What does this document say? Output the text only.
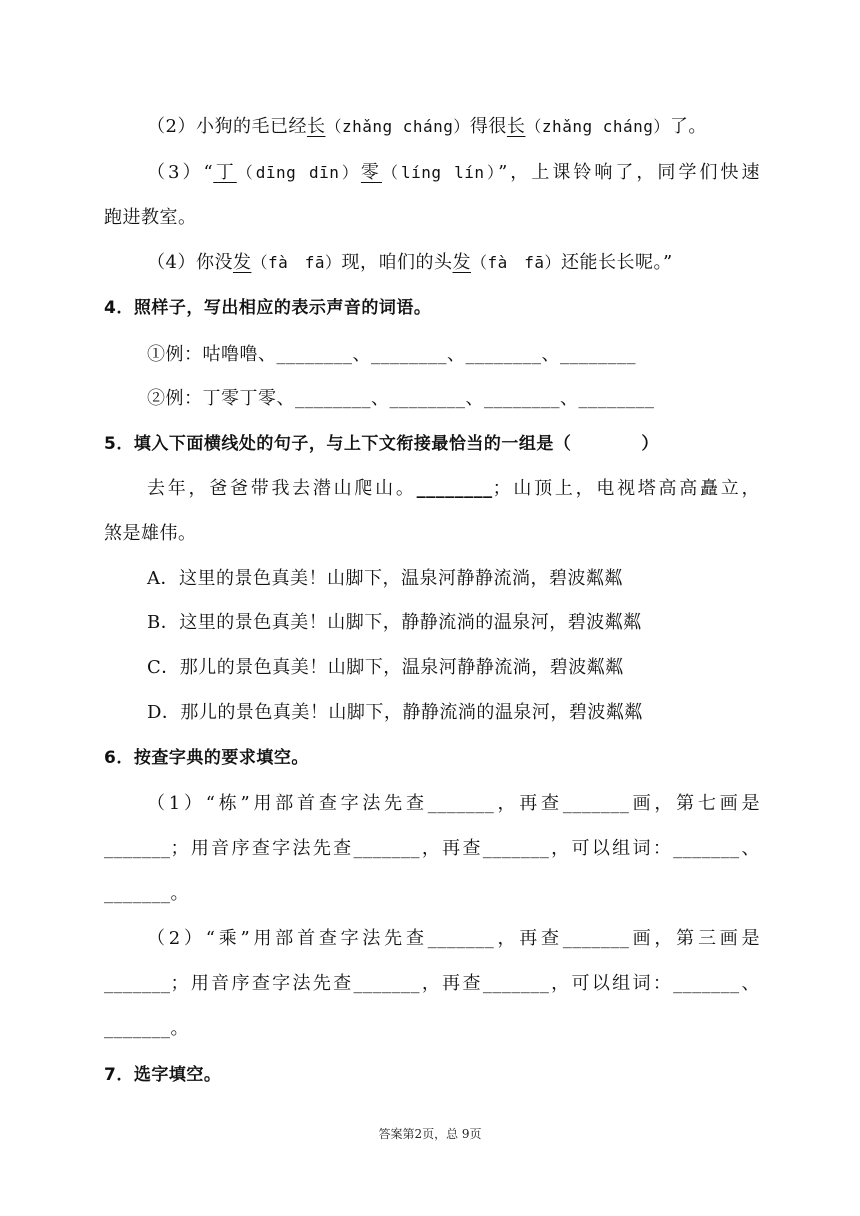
（2）小狗的毛已经长（zhǎng cháng）得很长（zhǎng cháng）了。
（3）“丁（dīng dīn）零（líng lín）”，上课铃响了，同学们快速
跑进教室。
（4）你没发（fà　fā）现，咱们的头发（fà　fā）还能长长呢。”
4．照样子，写出相应的表示声音的词语。
①例：咕噜噜、________、________、________、________
②例：丁零丁零、________、________、________、________
5．填入下面横线处的句子，与上下文衔接最恰当的一组是（　　　　）
去年，爸爸带我去潜山爬山。________；山顶上，电视塔高高矗立，
煞是雄伟。
A．这里的景色真美！山脚下，温泉河静静流淌，碧波粼粼
B．这里的景色真美！山脚下，静静流淌的温泉河，碧波粼粼
C．那儿的景色真美！山脚下，温泉河静静流淌，碧波粼粼
D．那儿的景色真美！山脚下，静静流淌的温泉河，碧波粼粼
6．按查字典的要求填空。
（1）“栋”用部首查字法先查_______，再查_______画，第七画是
_______；用音序查字法先查_______，再查_______，可以组词：_______、
_______。
（2）“乘”用部首查字法先查_______，再查_______画，第三画是
_______；用音序查字法先查_______，再查_______，可以组词：_______、
_______。
7．选字填空。
答案第2页，总 9页
